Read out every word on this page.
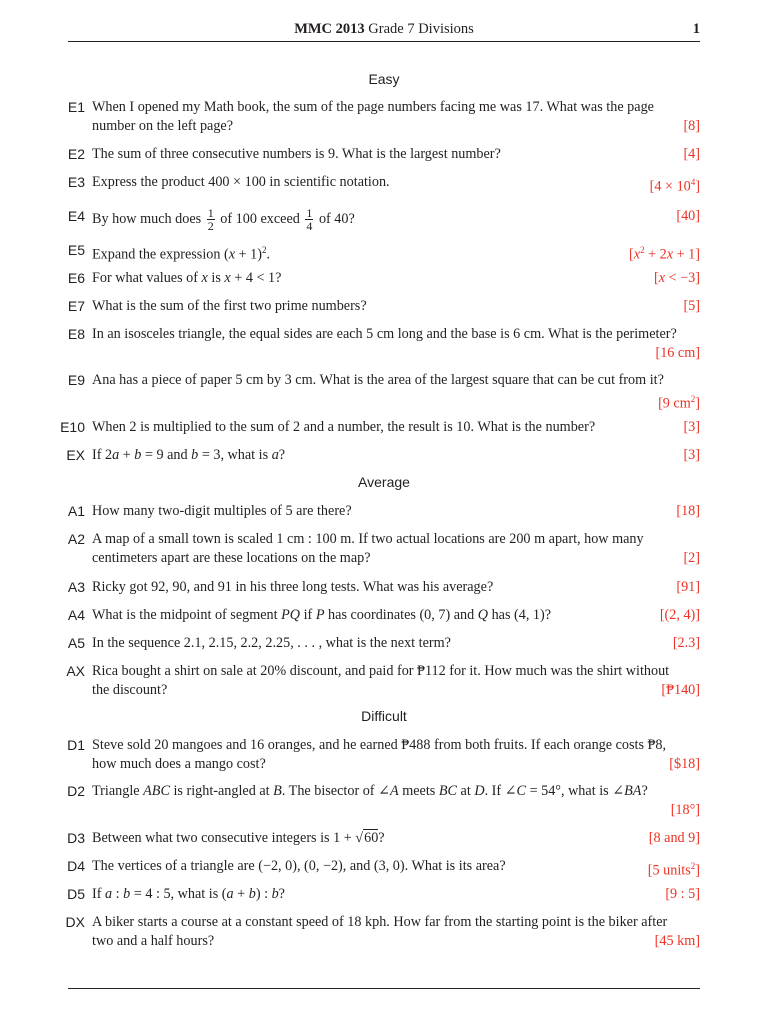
MMC 2013 Grade 7 Divisions	1
Easy
E1 When I opened my Math book, the sum of the page numbers facing me was 17. What was the page
number on the left page?	[8]
E2 The sum of three consecutive numbers is 9. What is the largest number?	[4]
E3 Express the product 400 × 100 in scientific notation.	$[4 \times 10^4]$
E4 By how much does $\frac{1}{2}$ of 100 exceed $\frac{1}{4}$ of 40?	[40]
E5 Expand the expression $(x + 1)^2$.	$[x^2 + 2x + 1]$
E6 For what values of x is x + 4 < 1?	[x < −3]
E7 What is the sum of the first two prime numbers?	[5]
E8 In an isosceles triangle, the equal sides are each 5 cm long and the base is 6 cm. What is the perimeter?
[16 cm]
E9 Ana has a piece of paper 5 cm by 3 cm. What is the area of the largest square that can be cut from it?
[9 $cm^2$]
E10 When 2 is multiplied to the sum of 2 and a number, the result is 10. What is the number?	[3]
EX If 2a + b = 9 and b = 3, what is a?	[3]
Average
A1 How many two-digit multiples of 5 are there?	[18]
A2 A map of a small town is scaled 1 cm : 100 m. If two actual locations are 200 m apart, how many
centimeters apart are these locations on the map?	[2]
A3 Ricky got 92, 90, and 91 in his three long tests. What was his average?	[91]
A4 What is the midpoint of segment PQ if P has coordinates (0, 7) and Q has (4, 1)?	[(2, 4)]
A5 In the sequence 2.1, 2.15, 2.2, 2.25, . . . , what is the next term?	[2.3]
AX Rica bought a shirt on sale at 20% discount, and paid for ₱112 for it. How much was the shirt without
the discount?	[₱140]
Difficult
D1 Steve sold 20 mangoes and 16 oranges, and he earned ₱488 from both fruits. If each orange costs ₱8,
how much does a mango cost?	[$18]
D2 Triangle ABC is right-angled at B. The bisector of ∠A meets BC at D. If ∠C = 54°, what is ∠BA?
[18°]
D3 Between what two consecutive integers is 1 + √60?	[8 and 9]
D4 The vertices of a triangle are (−2, 0), (0, −2), and (3, 0). What is its area?	[5 units$^2$]
D5 If a : b = 4 : 5, what is (a + b) : b?	[9 : 5]
DX A biker starts a course at a constant speed of 18 kph. How far from the starting point is the biker after
two and a half hours?	[45 km]
